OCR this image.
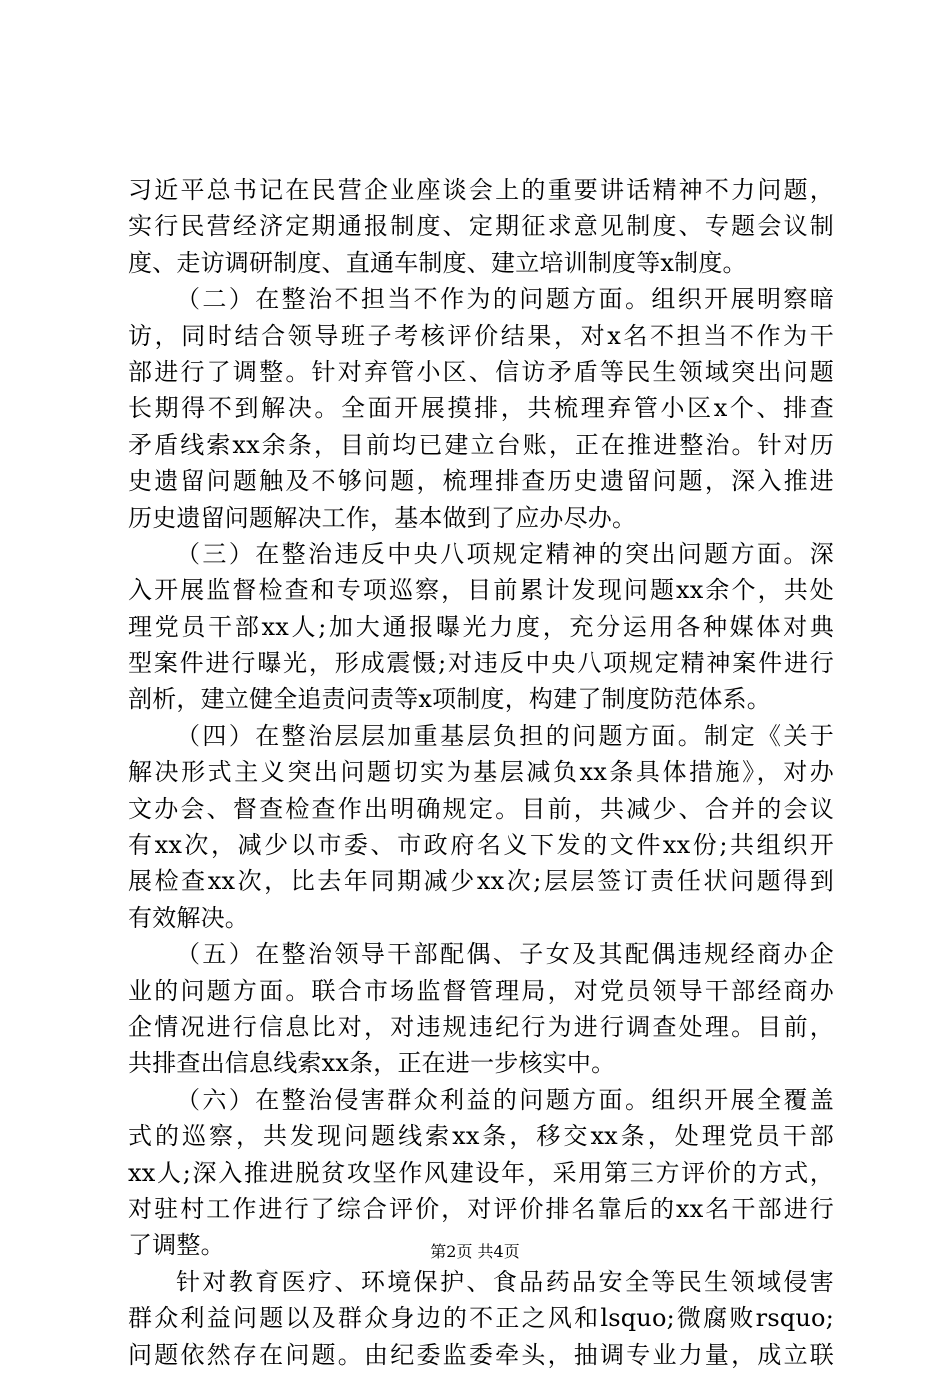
习近平总书记在民营企业座谈会上的重要讲话精神不力问题，
实行民营经济定期通报制度、定期征求意见制度、专题会议制
度、走访调研制度、直通车制度、建立培训制度等x制度。
（二）在整治不担当不作为的问题方面。组织开展明察暗
访，同时结合领导班子考核评价结果，对x名不担当不作为干
部进行了调整。针对弃管小区、信访矛盾等民生领域突出问题
长期得不到解决。全面开展摸排，共梳理弃管小区x个、排查
矛盾线索xx余条，目前均已建立台账，正在推进整治。针对历
史遗留问题触及不够问题，梳理排查历史遗留问题，深入推进
历史遗留问题解决工作，基本做到了应办尽办。
（三）在整治违反中央八项规定精神的突出问题方面。深
入开展监督检查和专项巡察，目前累计发现问题xx余个，共处
理党员干部xx人;加大通报曝光力度，充分运用各种媒体对典
型案件进行曝光，形成震慑;对违反中央八项规定精神案件进行
剖析，建立健全追责问责等x项制度，构建了制度防范体系。
（四）在整治层层加重基层负担的问题方面。制定《关于
解决形式主义突出问题切实为基层减负xx条具体措施》，对办
文办会、督查检查作出明确规定。目前，共减少、合并的会议
有xx次，减少以市委、市政府名义下发的文件xx份;共组织开
展检查xx次，比去年同期减少xx次;层层签订责任状问题得到
有效解决。
（五）在整治领导干部配偶、子女及其配偶违规经商办企
业的问题方面。联合市场监督管理局，对党员领导干部经商办
企情况进行信息比对，对违规违纪行为进行调查处理。目前，
共排查出信息线索xx条，正在进一步核实中。
（六）在整治侵害群众利益的问题方面。组织开展全覆盖
式的巡察，共发现问题线索xx条，移交xx条，处理党员干部
xx人;深入推进脱贫攻坚作风建设年，采用第三方评价的方式，
对驻村工作进行了综合评价，对评价排名靠后的xx名干部进行
了调整。
针对教育医疗、环境保护、食品药品安全等民生领域侵害
群众利益问题以及群众身边的不正之风和lsquo;微腐败rsquo;
问题依然存在问题。由纪委监委牵头，抽调专业力量，成立联
第2页 共4页
